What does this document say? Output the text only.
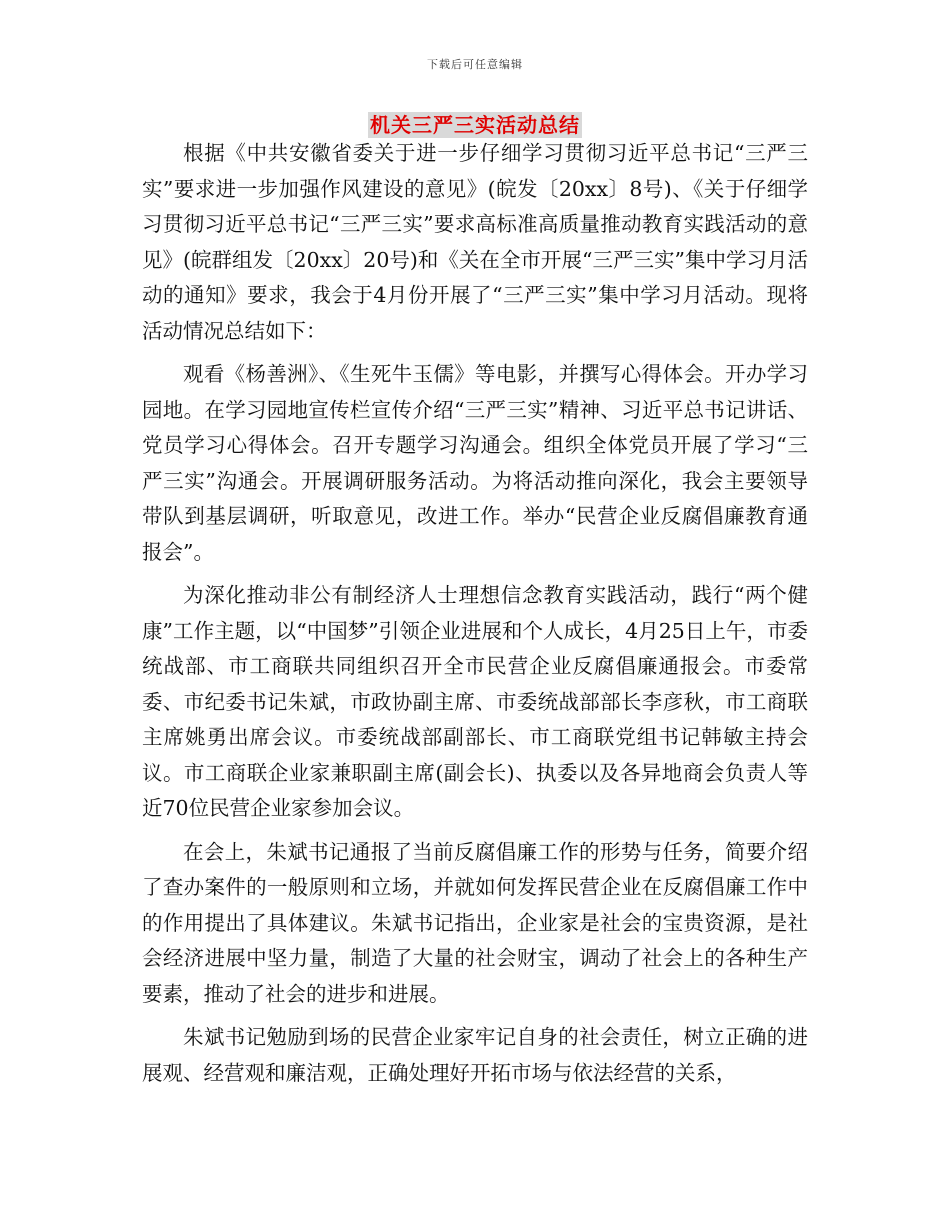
下载后可任意编辑
机关三严三实活动总结

根据《中共安徽省委关于进一步仔细学习贯彻习近平总书记“三严三实”要求进一步加强作风建设的意见》(皖发〔20xx〕8号)、《关于仔细学习贯彻习近平总书记“三严三实”要求高标准高质量推动教育实践活动的意见》(皖群组发〔20xx〕20号)和《关在全市开展“三严三实”集中学习月活动的通知》要求，我会于4月份开展了“三严三实”集中学习月活动。现将活动情况总结如下：

观看《杨善洲》、《生死牛玉儒》等电影，并撰写心得体会。开办学习园地。在学习园地宣传栏宣传介绍“三严三实”精神、习近平总书记讲话、党员学习心得体会。召开专题学习沟通会。组织全体党员开展了学习“三严三实”沟通会。开展调研服务活动。为将活动推向深化，我会主要领导带队到基层调研，听取意见，改进工作。举办“民营企业反腐倡廉教育通报会”。

为深化推动非公有制经济人士理想信念教育实践活动，践行“两个健康”工作主题，以“中国梦”引领企业进展和个人成长，4月25日上午，市委统战部、市工商联共同组织召开全市民营企业反腐倡廉通报会。市委常委、市纪委书记朱斌，市政协副主席、市委统战部部长李彦秋，市工商联主席姚勇出席会议。市委统战部副部长、市工商联党组书记韩敏主持会议。市工商联企业家兼职副主席(副会长)、执委以及各异地商会负责人等近70位民营企业家参加会议。

在会上，朱斌书记通报了当前反腐倡廉工作的形势与任务，简要介绍了查办案件的一般原则和立场，并就如何发挥民营企业在反腐倡廉工作中的作用提出了具体建议。朱斌书记指出，企业家是社会的宝贵资源，是社会经济进展中坚力量，制造了大量的社会财宝，调动了社会上的各种生产要素，推动了社会的进步和进展。

朱斌书记勉励到场的民营企业家牢记自身的社会责任，树立正确的进展观、经营观和廉洁观，正确处理好开拓市场与依法经营的关系，
